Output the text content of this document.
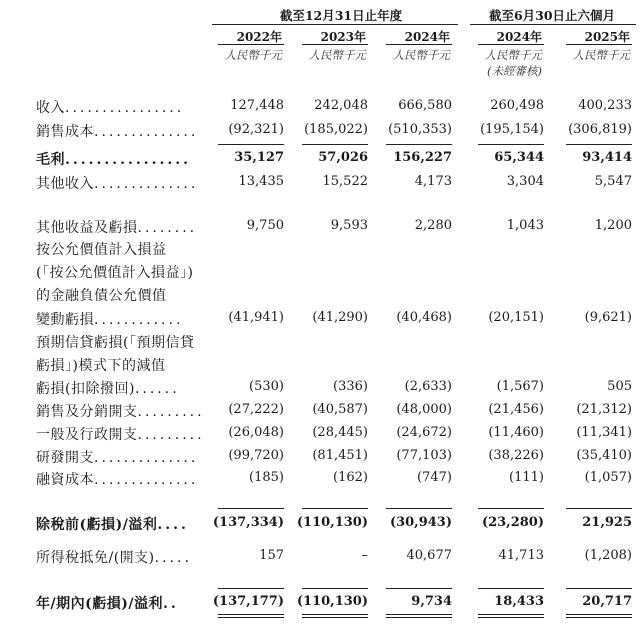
截至12月31日止年度	截至6月30日止六個月
2022年	2023年	2024年	2024年	2025年
人民幣千元	人民幣千元	人民幣千元	人民幣千元	人民幣千元
(未經審核)
收入................	127,448	242,048	666,580	260,498	400,233
銷售成本..............	(92,321)	(185,022)	(510,353)	(195,154)	(306,819)
毛利................	35,127	57,026	156,227	65,344	93,414
其他收入..............	13,435	15,522	4,173	3,304	5,547
其他收益及虧損........	9,750	9,593	2,280	1,043	1,200
按公允價值計入損益
(「按公允價值計入損益」)
的金融負債公允價值
變動虧損............	(41,941)	(41,290)	(40,468)	(20,151)	(9,621)
預期信貸虧損(「預期信貸
虧損」)模式下的減值
虧損(扣除撥回)......	(530)	(336)	(2,633)	(1,567)	505
銷售及分銷開支.........	(27,222)	(40,587)	(48,000)	(21,456)	(21,312)
一般及行政開支.........	(26,048)	(28,445)	(24,672)	(11,460)	(11,341)
研發開支..............	(99,720)	(81,451)	(77,103)	(38,226)	(35,410)
融資成本..............	(185)	(162)	(747)	(111)	(1,057)
除稅前(虧損)/溢利....	(137,334) (110,130)	(30,943)	(23,280)	21,925
所得稅抵免/(開支).....	157	–	40,677	41,713	(1,208)
年/期內(虧損)/溢利..	(137,177) (110,130)	9,734	18,433	20,717
